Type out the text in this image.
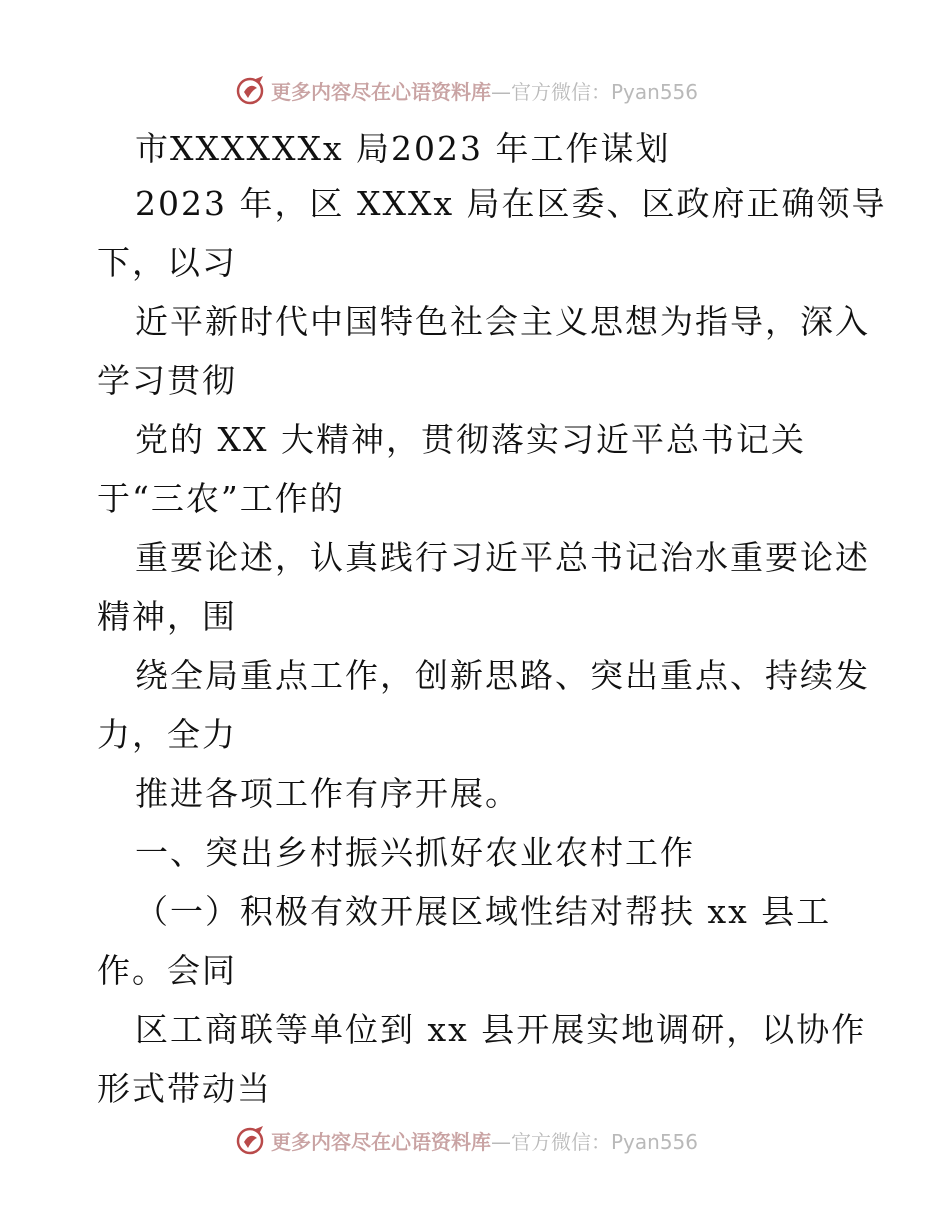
更多内容尽在心语资料库 —官方微信：Pyan556
市XXXXXXx 局2023 年工作谋划
2023 年，区 XXXx 局在区委、区政府正确领导
下，以习
近平新时代中国特色社会主义思想为指导，深入
学习贯彻
党的 XX 大精神，贯彻落实习近平总书记关
于“三农”工作的
重要论述，认真践行习近平总书记治水重要论述
精神，围
绕全局重点工作，创新思路、突出重点、持续发
力，全力
推进各项工作有序开展。
一、突出乡村振兴抓好农业农村工作
（一）积极有效开展区域性结对帮扶 xx 县工
作。会同
区工商联等单位到 xx 县开展实地调研，以协作
形式带动当
更多内容尽在心语资料库 —官方微信：Pyan556
